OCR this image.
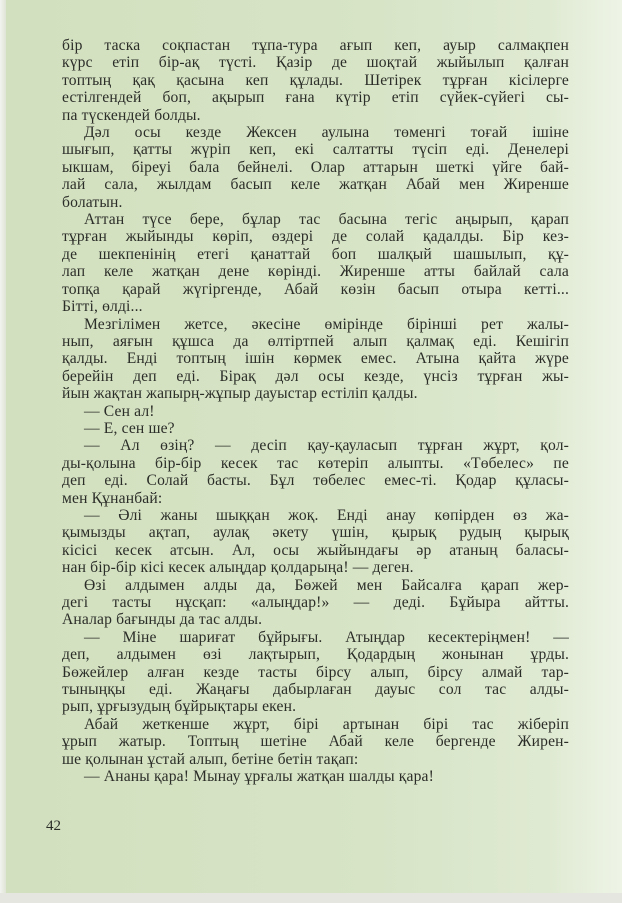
бір таска соқпастан тұпа-тура ағып кеп, ауыр салмақпен
күрс етіп бір-ақ түсті. Қазір де шоқтай жыйылып қалған
топтың қақ қасына кеп құлады. Шетірек тұрған кісілерге
естілгендей боп, ақырып ғана күтір етіп сүйек-сүйегі сы-
па түскендей болды.
Дәл осы кезде Жексен аулына төменгі тоғай ішіне
шығып, қатты жүріп кеп, екі салтатты түсіп еді. Денелері
ыкшам, біреуі бала бейнелі. Олар аттарын шеткі үйге бай-
лай сала, жылдам басып келе жатқан Абай мен Жиренше
болатын.
Аттан түсе бере, бұлар тас басына тегіс аңырып, қарап
тұрған жыйынды көріп, өздері де солай қадалды. Бір кез-
де шекпенінің етегі қанаттай боп шалқый шашылып, құ-
лап келе жатқан дене көрінді. Жиренше атты байлай сала
топқа қарай жүгіргенде, Абай көзін басып отыра кетті...
Бітті, өлді...
Мезгілімен жетсе, әкесіне өмірінде бірінші рет жалы-
нып, аяғын құшса да өлтіртпей алып қалмақ еді. Кешігіп
қалды. Енді топтың ішін көрмек емес. Атына қайта жүре
берейін деп еді. Бірақ дәл осы кезде, үнсіз тұрған жы-
йын жақтан жапырң-жұпыр дауыстар естіліп қалды.
— Сен ал!
— Е, сен ше?
— Ал өзің? — десіп қау-қауласып тұрған жұрт, қол-
ды-қолына бір-бір кесек тас көтеріп алыпты. «Төбелес» пе
деп еді. Солай басты. Бұл төбелес емес-ті. Қодар құласы-
мен Құнанбай:
— Әлі жаны шыққан жоқ. Енді анау көпірден өз жа-
қымызды ақтап, аулақ әкету үшін, қырық рудың қырық
кісісі кесек атсын. Ал, осы жыйындағы әр атаның баласы-
нан бір-бір кісі кесек алыңдар қолдарыңа! — деген.
Өзі алдымен алды да, Бөжей мен Байсалға қарап жер-
дегі тасты нұсқап: «алыңдар!» — деді. Бұйыра айтты.
Аналар бағынды да тас алды.
— Міне шариғат бұйрығы. Атыңдар кесектеріңмен! —
деп, алдымен өзі лақтырып, Қодардың жонынан ұрды.
Бөжейлер алған кезде тасты бірсу алып, бірсу алмай тар-
тыныңқы еді. Жаңағы дабырлаған дауыс сол тас алды-
рып, ұрғызудың бұйрықтары екен.
Абай жеткенше жұрт, бірі артынан бірі тас жіберіп
ұрып жатыр. Топтың шетіне Абай келе бергенде Жирен-
ше қолынан ұстай алып, бетіне бетін тақап:
— Ананы қара! Мынау ұрғалы жатқан шалды қара!
42
